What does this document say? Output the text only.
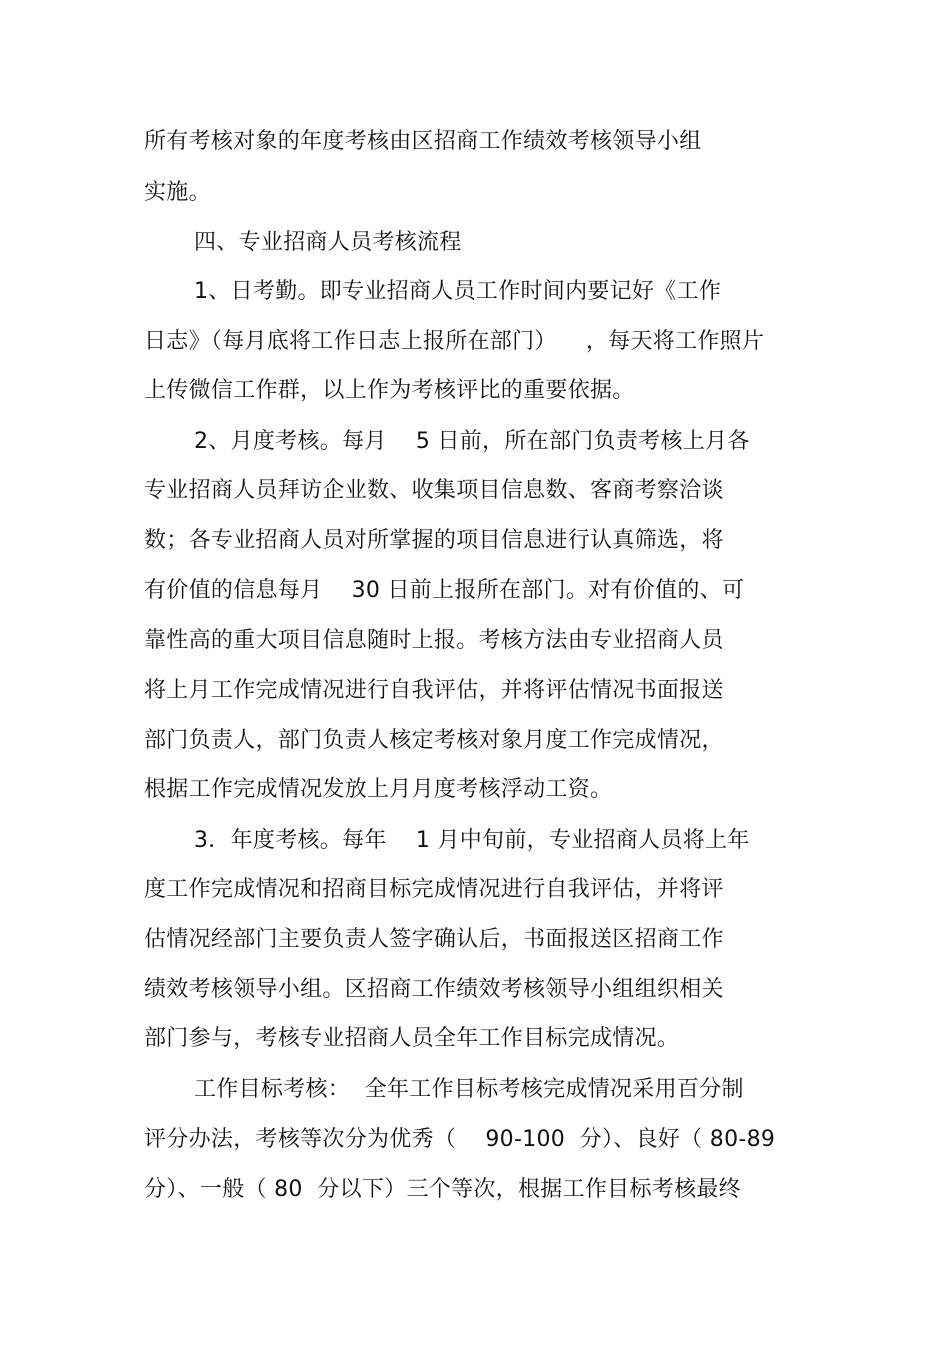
所有考核对象的年度考核由区招商工作绩效考核领导小组
实施。
四、专业招商人员考核流程
1、日考勤。即专业招商人员工作时间内要记好《工作
日志》（每月底将工作日志上报所在部门）    ，每天将工作照片
上传微信工作群，以上作为考核评比的重要依据。
2、月度考核。每月    5 日前，所在部门负责考核上月各
专业招商人员拜访企业数、收集项目信息数、客商考察洽谈
数；各专业招商人员对所掌握的项目信息进行认真筛选，将
有价值的信息每月    30 日前上报所在部门。对有价值的、可
靠性高的重大项目信息随时上报。考核方法由专业招商人员
将上月工作完成情况进行自我评估，并将评估情况书面报送
部门负责人，部门负责人核定考核对象月度工作完成情况，
根据工作完成情况发放上月月度考核浮动工资。
3．年度考核。每年    1 月中旬前，专业招商人员将上年
度工作完成情况和招商目标完成情况进行自我评估，并将评
估情况经部门主要负责人签字确认后，书面报送区招商工作
绩效考核领导小组。区招商工作绩效考核领导小组组织相关
部门参与，考核专业招商人员全年工作目标完成情况。
工作目标考核：  全年工作目标考核完成情况采用百分制
评分办法，考核等次分为优秀（    90-100  分）、良好（ 80-89
分）、一般（ 80  分以下）三个等次，根据工作目标考核最终
